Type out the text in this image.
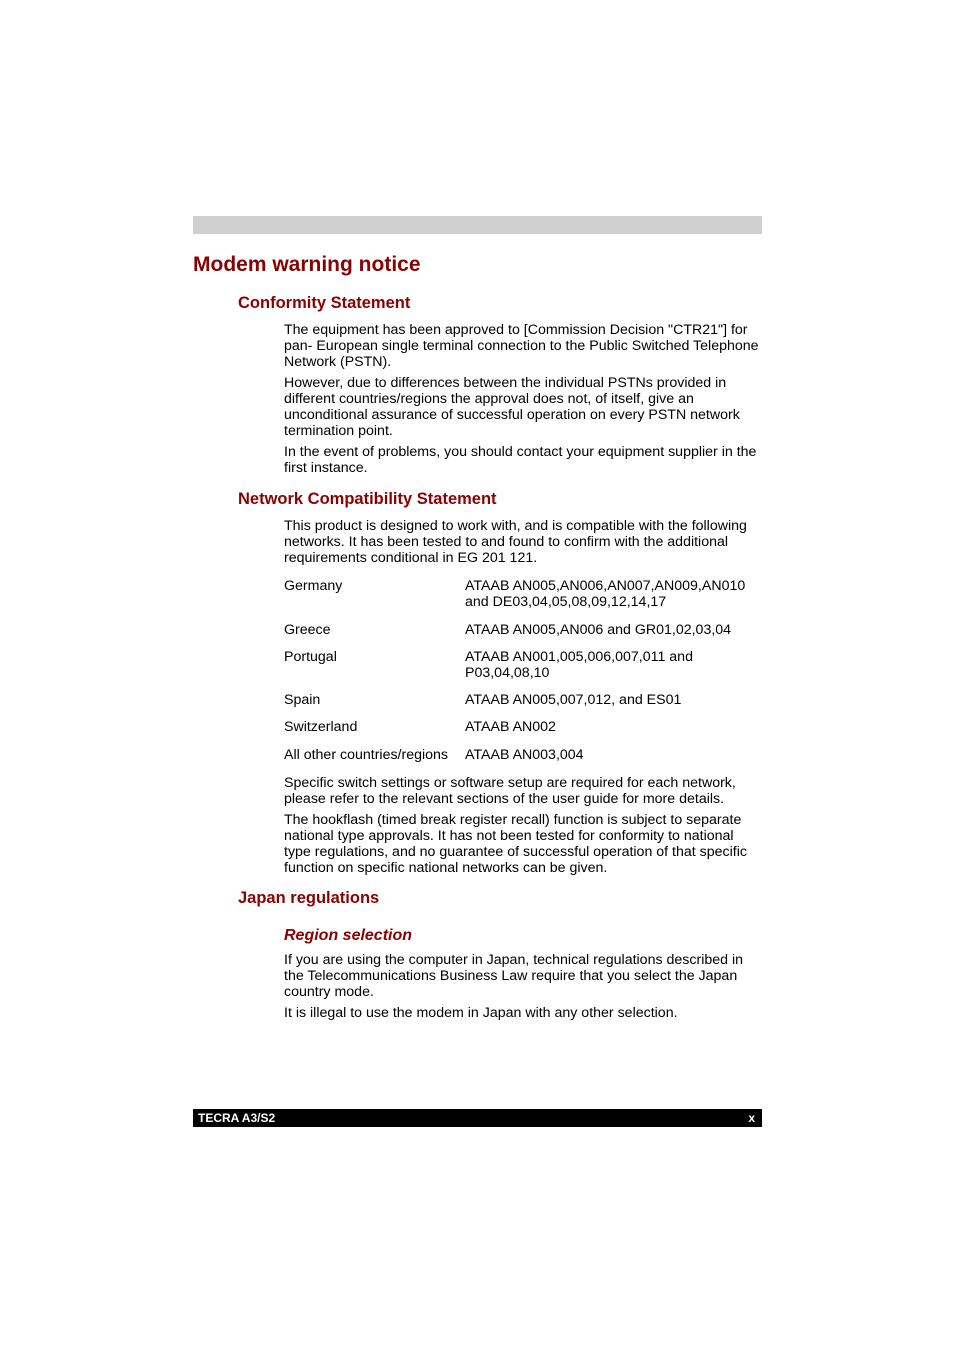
Modem warning notice
Conformity Statement

The equipment has been approved to [Commission Decision "CTR21"] for pan- European single terminal connection to the Public Switched Telephone Network (PSTN).

However, due to differences between the individual PSTNs provided in different countries/regions the approval does not, of itself, give an unconditional assurance of successful operation on every PSTN network termination point.

In the event of problems, you should contact your equipment supplier in the first instance.

Network Compatibility Statement

This product is designed to work with, and is compatible with the following networks. It has been tested to and found to confirm with the additional requirements conditional in EG 201 121.

Germany	ATAAB AN005,AN006,AN007,AN009,AN010 and DE03,04,05,08,09,12,14,17
Greece	ATAAB AN005,AN006 and GR01,02,03,04
Portugal	ATAAB AN001,005,006,007,011 and P03,04,08,10
Spain	ATAAB AN005,007,012, and ES01
Switzerland	ATAAB AN002
All other countries/regions	ATAAB AN003,004

Specific switch settings or software setup are required for each network, please refer to the relevant sections of the user guide for more details.

The hookflash (timed break register recall) function is subject to separate national type approvals. It has not been tested for conformity to national type regulations, and no guarantee of successful operation of that specific function on specific national networks can be given.

Japan regulations
Region selection

If you are using the computer in Japan, technical regulations described in the Telecommunications Business Law require that you select the Japan country mode.

It is illegal to use the modem in Japan with any other selection.

TECRA A3/S2	x
